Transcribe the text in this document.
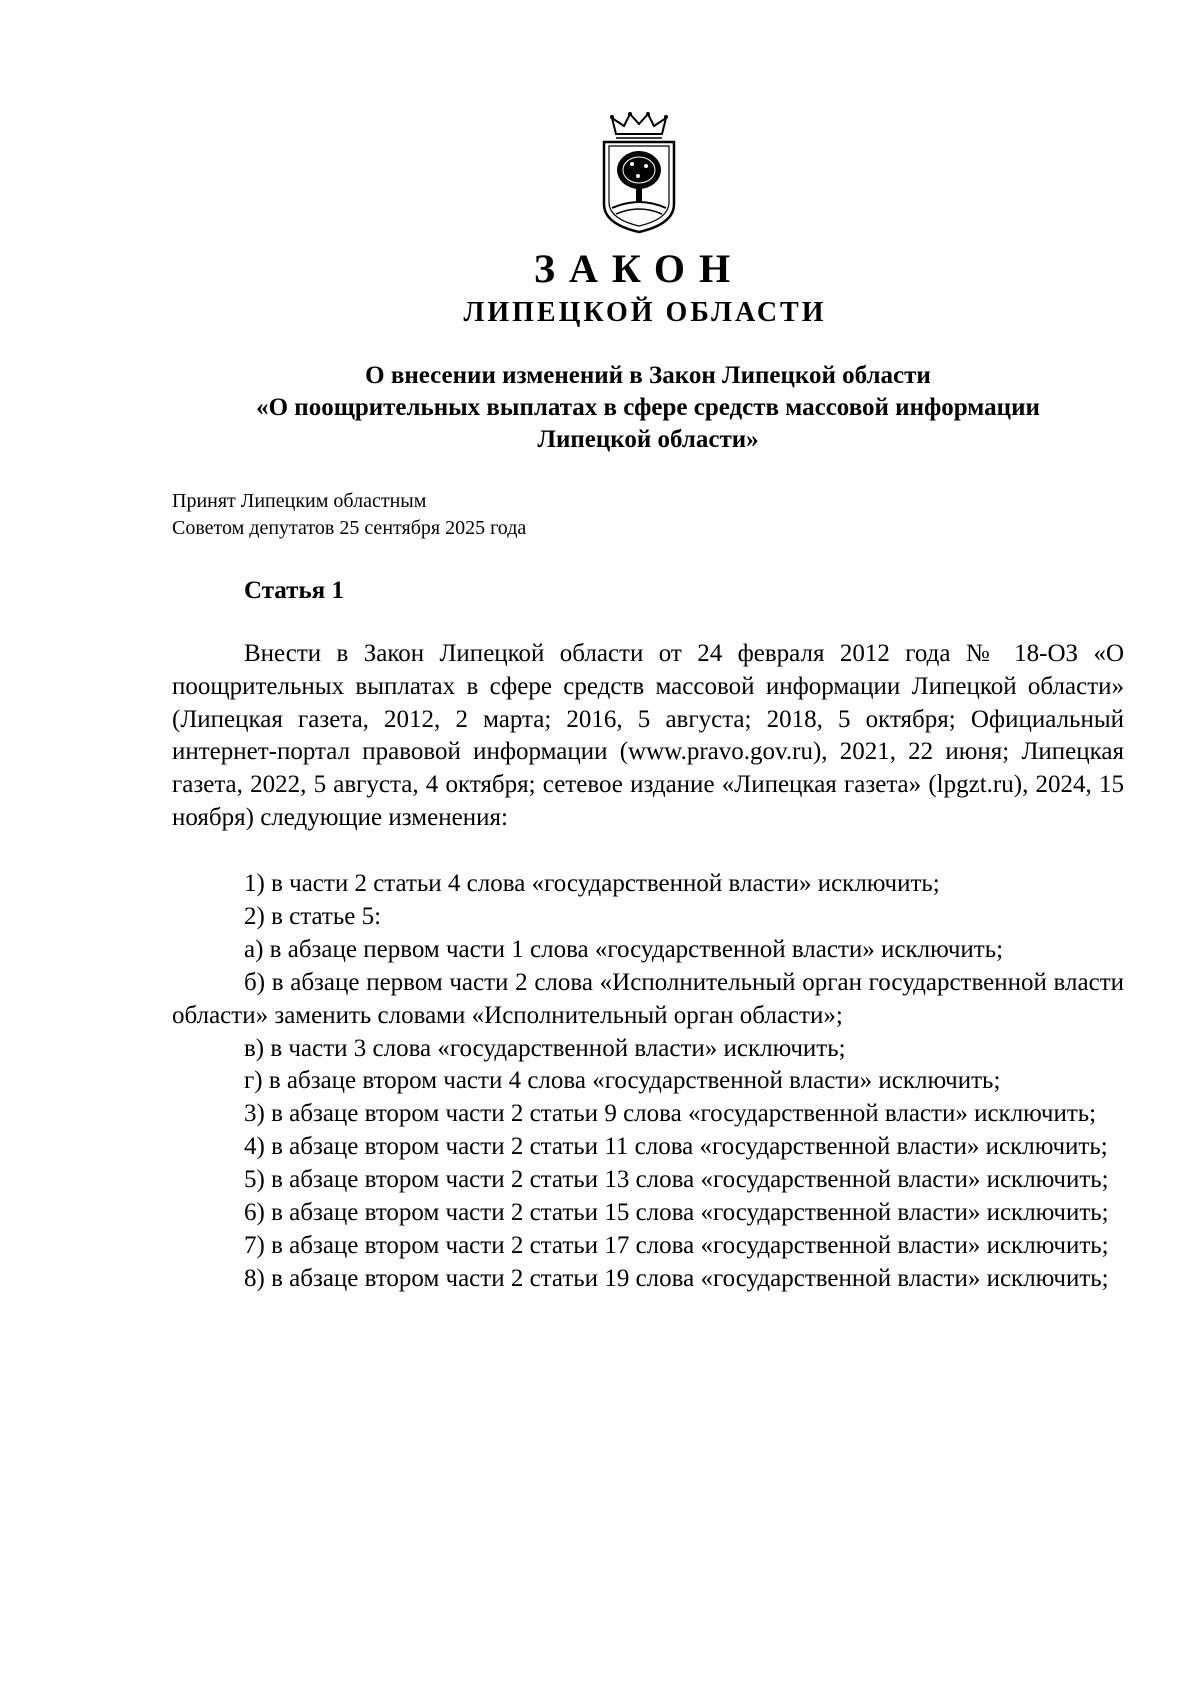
ЗАКОН
ЛИПЕЦКОЙ ОБЛАСТИ
О внесении изменений в Закон Липецкой области
«О поощрительных выплатах в сфере средств массовой информации
Липецкой области»
Принят Липецким областным
Советом депутатов 25 сентября 2025 года
Статья 1

Внести в Закон Липецкой области от 24 февраля 2012 года № 18-ОЗ «О поощрительных выплатах в сфере средств массовой информации Липецкой области» (Липецкая газета, 2012, 2 марта; 2016, 5 августа; 2018, 5 октября; Официальный интернет-портал правовой информации (www.pravo.gov.ru), 2021, 22 июня; Липецкая газета, 2022, 5 августа, 4 октября; сетевое издание «Липецкая газета» (lpgzt.ru), 2024, 15 ноября) следующие изменения:

1) в части 2 статьи 4 слова «государственной власти» исключить;

2) в статье 5:

а) в абзаце первом части 1 слова «государственной власти» исключить;

б) в абзаце первом части 2 слова «Исполнительный орган государственной власти области» заменить словами «Исполнительный орган области»;

в) в части 3 слова «государственной власти» исключить;

г) в абзаце втором части 4 слова «государственной власти» исключить;

3) в абзаце втором части 2 статьи 9 слова «государственной власти» исключить;

4) в абзаце втором части 2 статьи 11 слова «государственной власти» исключить;

5) в абзаце втором части 2 статьи 13 слова «государственной власти» исключить;

6) в абзаце втором части 2 статьи 15 слова «государственной власти» исключить;

7) в абзаце втором части 2 статьи 17 слова «государственной власти» исключить;

8) в абзаце втором части 2 статьи 19 слова «государственной власти» исключить;
